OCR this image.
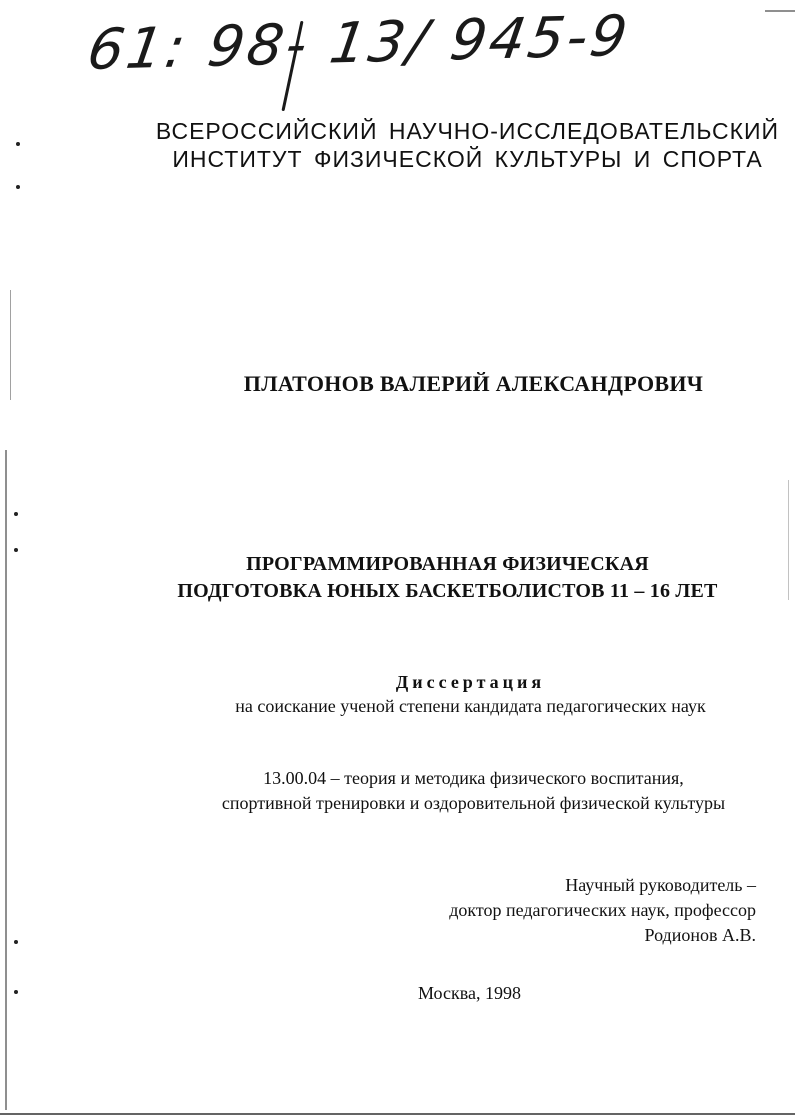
61: 98- 13/ 945-9
ВСЕРОССИЙСКИЙ НАУЧНО-ИССЛЕДОВАТЕЛЬСКИЙ
ИНСТИТУТ ФИЗИЧЕСКОЙ КУЛЬТУРЫ И СПОРТА
ПЛАТОНОВ ВАЛЕРИЙ АЛЕКСАНДРОВИЧ
ПРОГРАММИРОВАННАЯ ФИЗИЧЕСКАЯ
ПОДГОТОВКА ЮНЫХ БАСКЕТБОЛИСТОВ 11 – 16 ЛЕТ
Диссертация
на соискание ученой степени кандидата педагогических наук
13.00.04 – теория и методика физического воспитания,
спортивной тренировки и оздоровительной физической культуры
Научный руководитель –
доктор педагогических наук, профессор
Родионов А.В.
Москва, 1998
